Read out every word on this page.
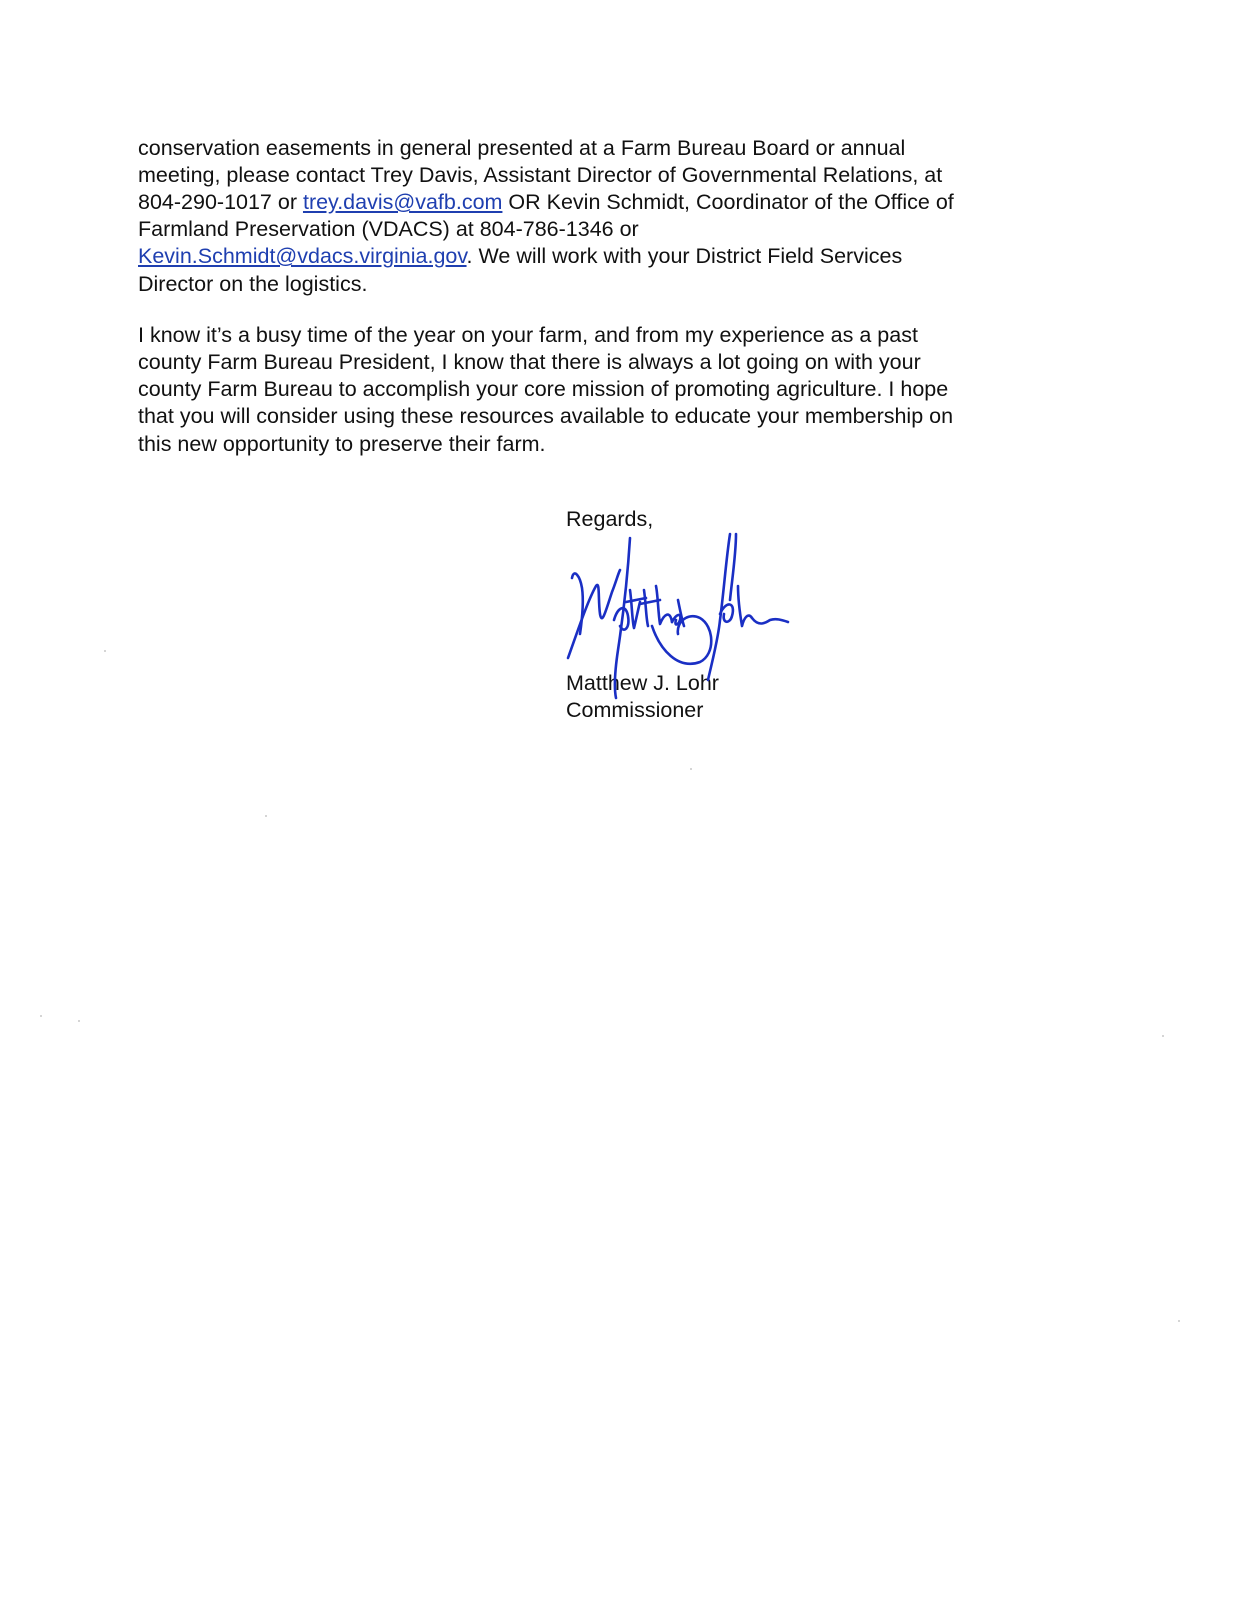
conservation easements in general presented at a Farm Bureau Board or annual
meeting, please contact Trey Davis, Assistant Director of Governmental Relations, at
804-290-1017 or trey.davis@vafb.com OR Kevin Schmidt, Coordinator of the Office of
Farmland Preservation (VDACS) at 804-786-1346 or
Kevin.Schmidt@vdacs.virginia.gov. We will work with your District Field Services
Director on the logistics.
I know it’s a busy time of the year on your farm, and from my experience as a past
county Farm Bureau President, I know that there is always a lot going on with your
county Farm Bureau to accomplish your core mission of promoting agriculture. I hope
that you will consider using these resources available to educate your membership on
this new opportunity to preserve their farm.
Regards,
Matthew J. Lohr
Commissioner
